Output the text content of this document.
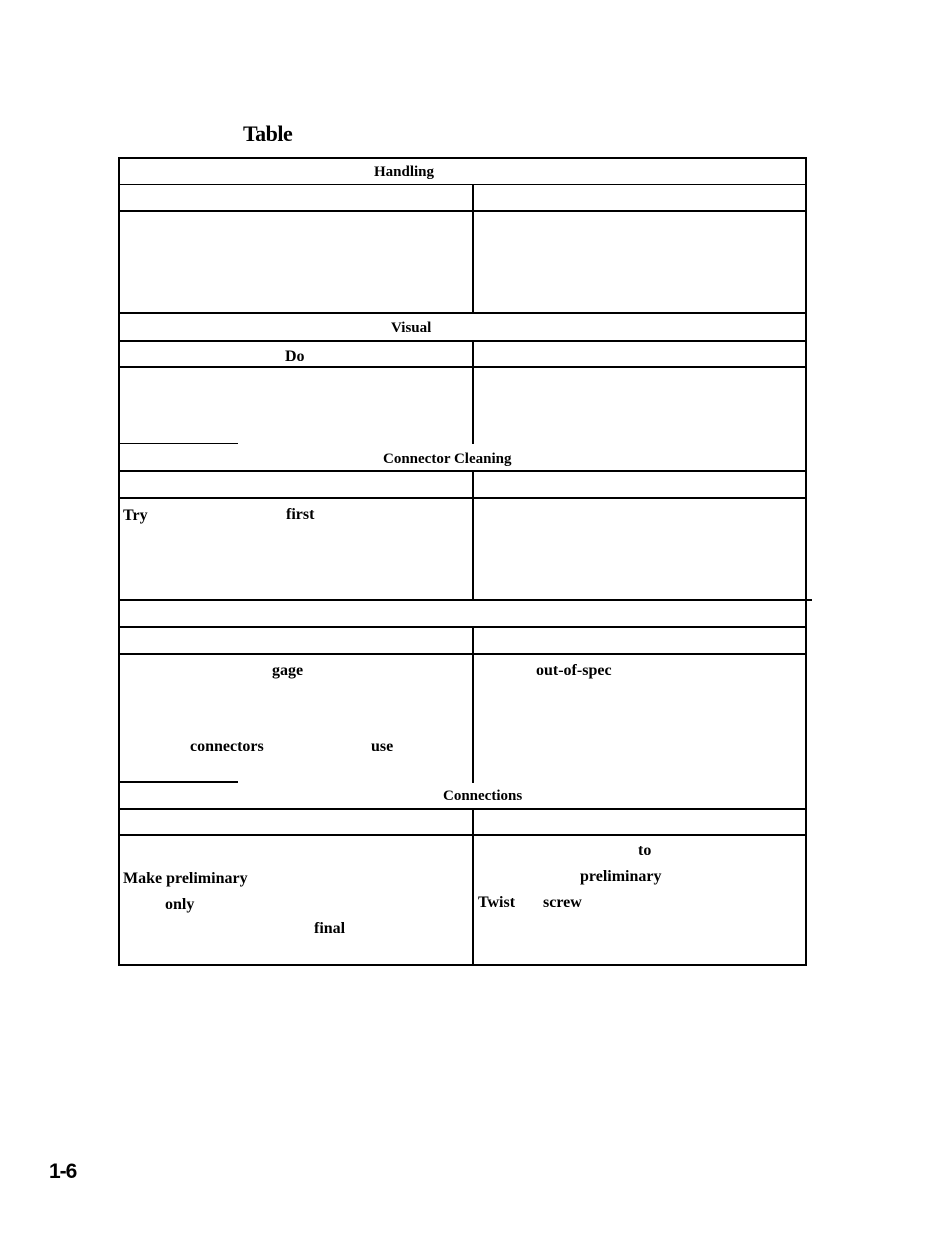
Table
Handling
Visual
Connector Cleaning
Connections
Do
Try	first
gage
connectors	use
out-of-spec
Make preliminary
only
final
to
preliminary
Twist screw
1-6
